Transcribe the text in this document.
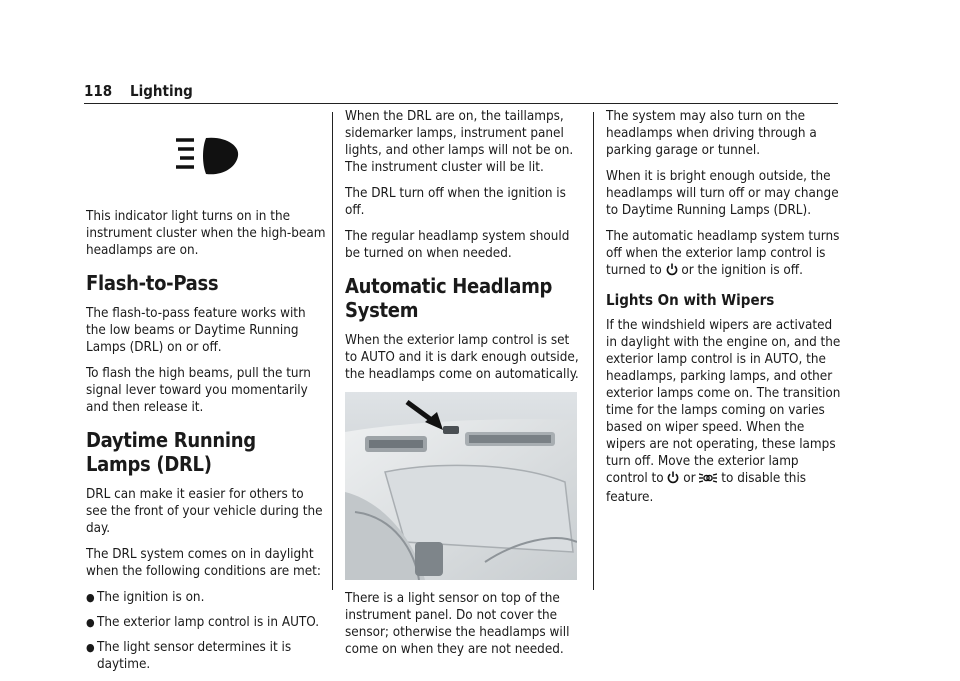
118 Lighting

This indicator light turns on in the instrument cluster when the high-beam headlamps are on.

Flash-to-Pass

The flash-to-pass feature works with the low beams or Daytime Running Lamps (DRL) on or off.

To flash the high beams, pull the turn signal lever toward you momentarily and then release it.

Daytime Running Lamps (DRL)

DRL can make it easier for others to see the front of your vehicle during the day.

The DRL system comes on in daylight when the following conditions are met:

● The ignition is on.
● The exterior lamp control is in AUTO.
● The light sensor determines it is daytime.

When the DRL are on, the taillamps, sidemarker lamps, instrument panel lights, and other lamps will not be on. The instrument cluster will be lit.

The DRL turn off when the ignition is off.

The regular headlamp system should be turned on when needed.

Automatic Headlamp System

When the exterior lamp control is set to AUTO and it is dark enough outside, the headlamps come on automatically.

There is a light sensor on top of the instrument panel. Do not cover the sensor; otherwise the headlamps will come on when they are not needed.

The system may also turn on the headlamps when driving through a parking garage or tunnel.

When it is bright enough outside, the headlamps will turn off or may change to Daytime Running Lamps (DRL).

The automatic headlamp system turns off when the exterior lamp control is turned to or the ignition is off.

Lights On with Wipers

If the windshield wipers are activated in daylight with the engine on, and the exterior lamp control is in AUTO, the headlamps, parking lamps, and other exterior lamps come on. The transition time for the lamps coming on varies based on wiper speed. When the wipers are not operating, these lamps turn off. Move the exterior lamp control to or to disable this feature.
